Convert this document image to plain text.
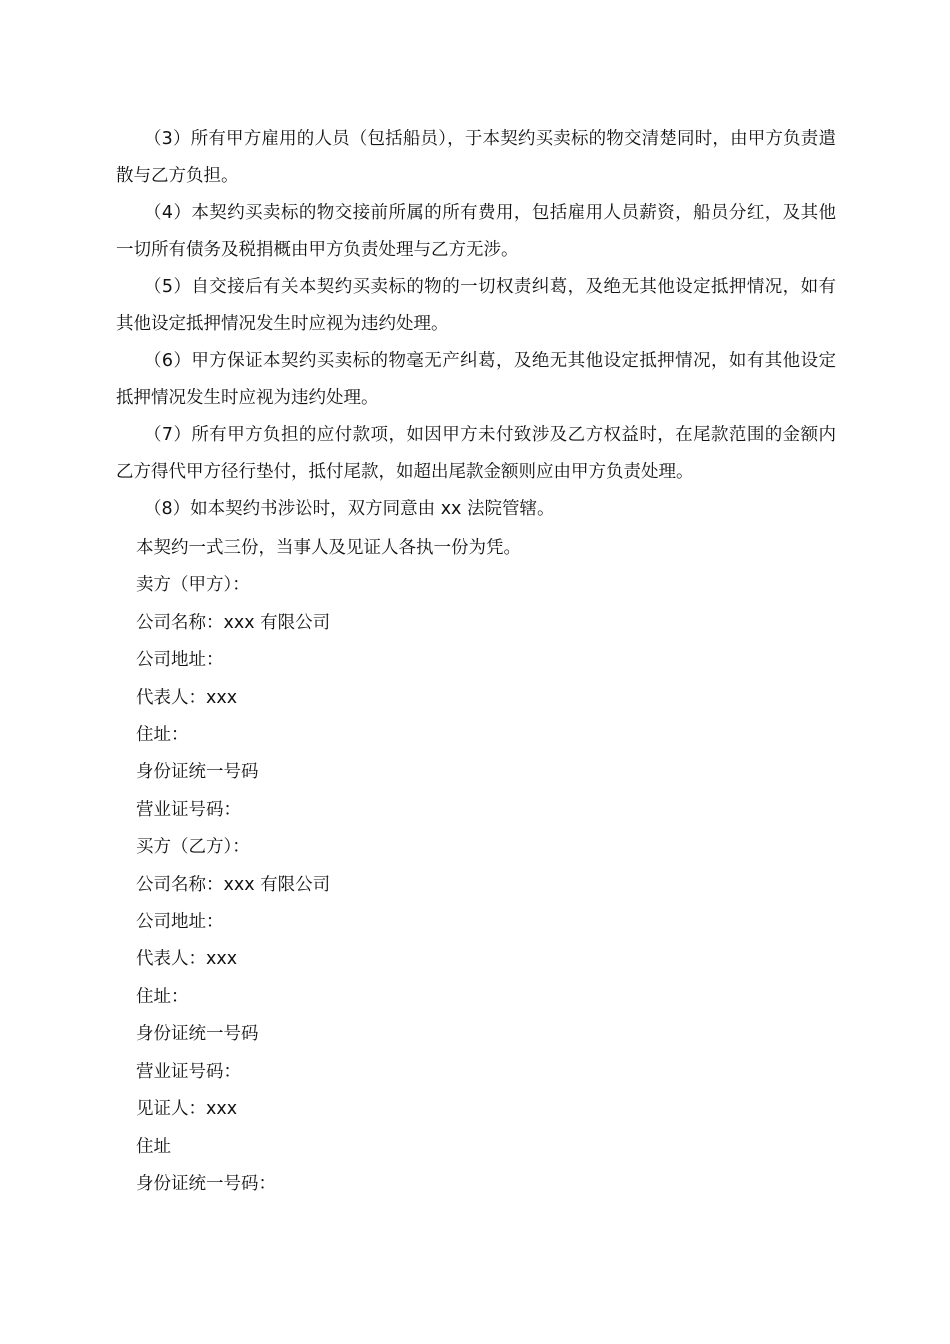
（3）所有甲方雇用的人员（包括船员），于本契约买卖标的物交清楚同时，由甲方负责遣散与乙方负担。

（4）本契约买卖标的物交接前所属的所有费用，包括雇用人员薪资，船员分红，及其他一切所有债务及税捐概由甲方负责处理与乙方无涉。

（5）自交接后有关本契约买卖标的物的一切权责纠葛，及绝无其他设定抵押情况，如有其他设定抵押情况发生时应视为违约处理。

（6）甲方保证本契约买卖标的物毫无产纠葛，及绝无其他设定抵押情况，如有其他设定抵押情况发生时应视为违约处理。

（7）所有甲方负担的应付款项，如因甲方未付致涉及乙方权益时，在尾款范围的金额内乙方得代甲方径行垫付，抵付尾款，如超出尾款金额则应由甲方负责处理。

（8）如本契约书涉讼时，双方同意由 xx 法院管辖。

本契约一式三份，当事人及见证人各执一份为凭。

卖方（甲方）：

公司名称：xxx 有限公司

公司地址：

代表人：xxx

住址：

身份证统一号码

营业证号码：

买方（乙方）：

公司名称：xxx 有限公司

公司地址：

代表人：xxx

住址：

身份证统一号码

营业证号码：

见证人：xxx

住址

身份证统一号码：
